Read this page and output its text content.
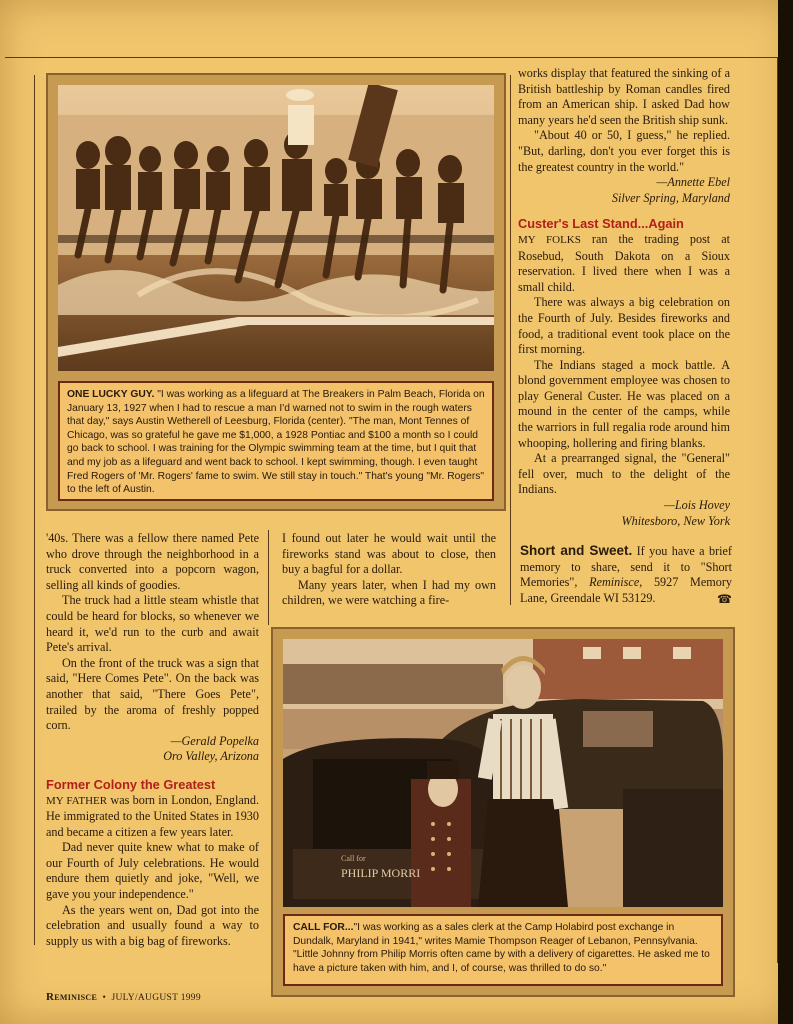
ONE LUCKY GUY. "I was working as a lifeguard at The Breakers in Palm Beach, Florida on January 13, 1927 when I had to rescue a man I'd warned not to swim in the rough waters that day," says Austin Wetherell of Leesburg, Florida (center). "The man, Mont Tennes of Chicago, was so grateful he gave me $1,000, a 1928 Pontiac and $100 a month so I could go back to school. I was training for the Olympic swimming team at the time, but I quit that and my job as a lifeguard and went back to school. I kept swimming, though. I even taught Fred Rogers of 'Mr. Rogers' fame to swim. We still stay in touch." That's young "Mr. Rogers" to the left of Austin.

works display that featured the sinking of a British battleship by Roman candles fired from an American ship. I asked Dad how many years he'd seen the British ship sunk.

"About 40 or 50, I guess," he replied. "But, darling, don't you ever forget this is the greatest country in the world."

—Annette Ebel

Silver Spring, Maryland

Custer's Last Stand...Again

MY FOLKS ran the trading post at Rosebud, South Dakota on a Sioux reservation. I lived there when I was a small child.

There was always a big celebration on the Fourth of July. Besides fireworks and food, a traditional event took place on the first morning.

The Indians staged a mock battle. A blond government employee was chosen to play General Custer. He was placed on a mound in the center of the camps, while the warriors in full regalia rode around him whooping, hollering and firing blanks.

At a prearranged signal, the "General" fell over, much to the delight of the Indians.

—Lois Hovey

Whitesboro, New York

'40s. There was a fellow there named Pete who drove through the neighborhood in a truck converted into a popcorn wagon, selling all kinds of goodies.

The truck had a little steam whistle that could be heard for blocks, so whenever we heard it, we'd run to the curb and await Pete's arrival.

On the front of the truck was a sign that said, "Here Comes Pete". On the back was another that said, "There Goes Pete", trailed by the aroma of freshly popped corn.

—Gerald Popelka

Oro Valley, Arizona

Former Colony the Greatest

MY FATHER was born in London, England. He immigrated to the United States in 1930 and became a citizen a few years later.

Dad never quite knew what to make of our Fourth of July celebrations. He would endure them quietly and joke, "Well, we gave you your independence."

As the years went on, Dad got into the celebration and usually found a way to supply us with a big bag of fireworks.

I found out later he would wait until the fireworks stand was about to close, then buy a bagful for a dollar.

Many years later, when I had my own children, we were watching a fire-

Short and Sweet. If you have a brief memory to share, send it to "Short Memories", Reminisce, 5927 Memory Lane, Greendale WI 53129.	☎

Call for
PHILIP MORRI
CALL FOR..."I was working as a sales clerk at the Camp Holabird post exchange in Dundalk, Maryland in 1941," writes Mamie Thompson Reager of Lebanon, Pennsylvania. "Little Johnny from Philip Morris often came by with a delivery of cigarettes. He asked me to have a picture taken with him, and I, of course, was thrilled to do so."
Reminisce • JULY/AUGUST 1999
